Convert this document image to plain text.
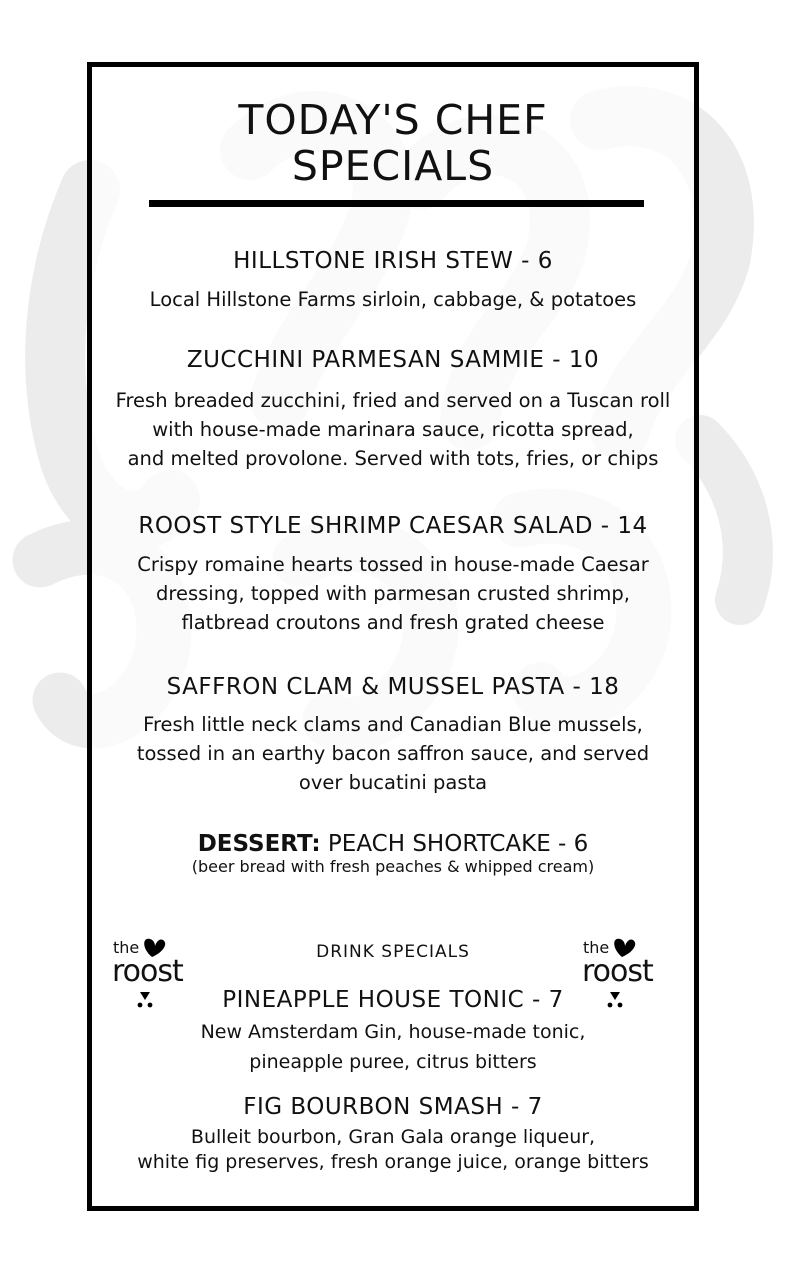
TODAY'S CHEF
SPECIALS
HILLSTONE IRISH STEW - 6
Local Hillstone Farms sirloin, cabbage, & potatoes
ZUCCHINI PARMESAN SAMMIE - 10
Fresh breaded zucchini, fried and served on a Tuscan roll
with house-made marinara sauce, ricotta spread,
and melted provolone. Served with tots, fries, or chips
ROOST STYLE SHRIMP CAESAR SALAD - 14
Crispy romaine hearts tossed in house-made Caesar
dressing, topped with parmesan crusted shrimp,
flatbread croutons and fresh grated cheese
SAFFRON CLAM & MUSSEL PASTA - 18
Fresh little neck clams and Canadian Blue mussels,
tossed in an earthy bacon saffron sauce, and served
over bucatini pasta
DESSERT: PEACH SHORTCAKE - 6
(beer bread with fresh peaches & whipped cream)
DRINK SPECIALS
the
roost
the
roost
PINEAPPLE HOUSE TONIC - 7
New Amsterdam Gin, house-made tonic,
pineapple puree, citrus bitters
FIG BOURBON SMASH - 7
Bulleit bourbon, Gran Gala orange liqueur,
white fig preserves, fresh orange juice, orange bitters
